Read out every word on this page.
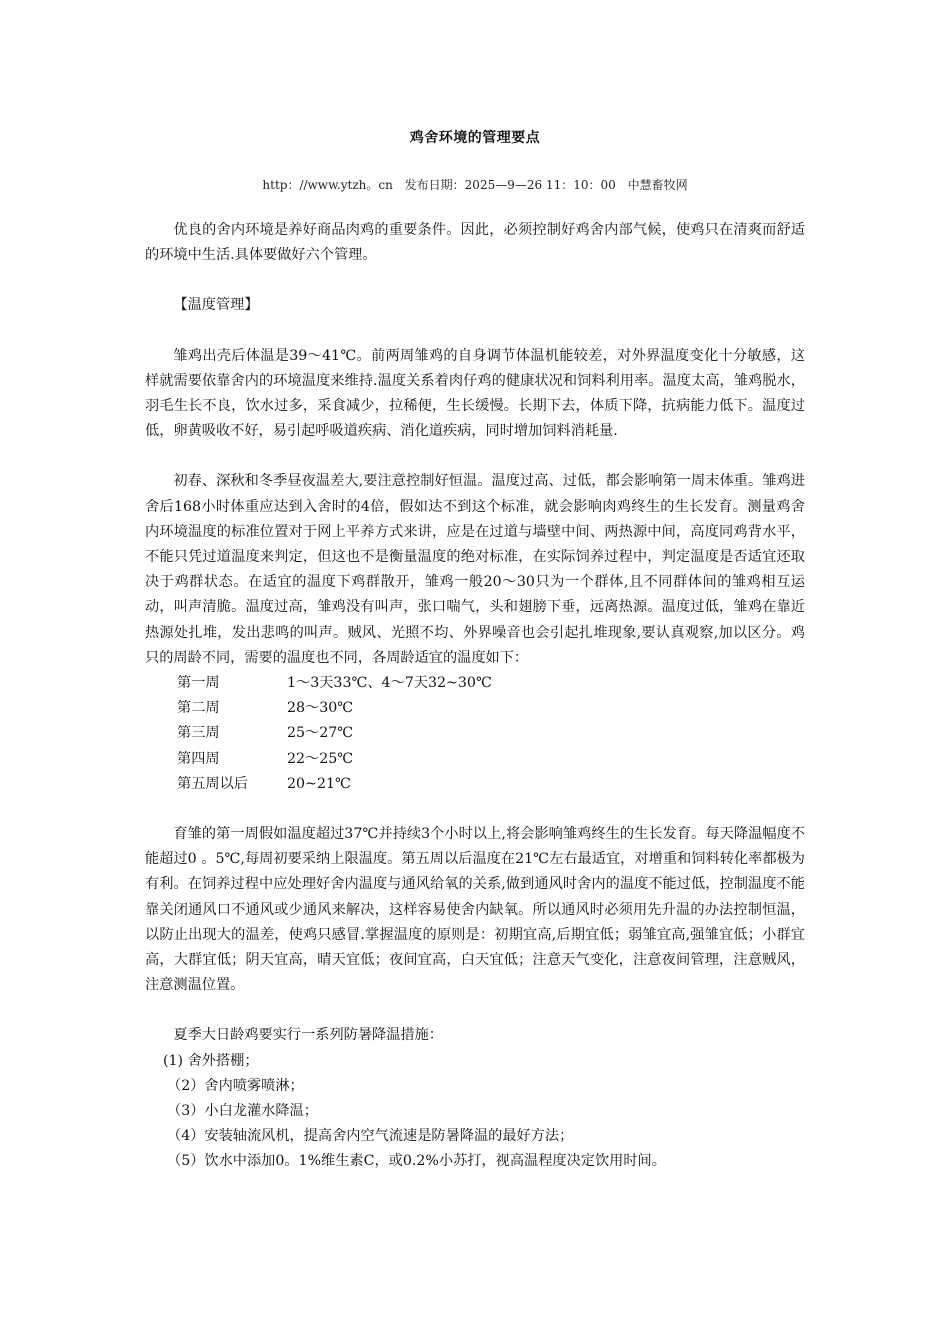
鸡舍环境的管理要点
http：//www.ytzh。cn 发布日期：2025—9—26 11：10：00 中慧畜牧网

优良的舍内环境是养好商品肉鸡的重要条件。因此，必须控制好鸡舍内部气候，使鸡只在清爽而舒适的环境中生活.具体要做好六个管理。

【温度管理】

雏鸡出壳后体温是39～41℃。前两周雏鸡的自身调节体温机能较差，对外界温度变化十分敏感，这样就需要依靠舍内的环境温度来维持.温度关系着肉仔鸡的健康状况和饲料利用率。温度太高，雏鸡脱水，羽毛生长不良，饮水过多，采食减少，拉稀便，生长缓慢。长期下去，体质下降，抗病能力低下。温度过低，卵黄吸收不好，易引起呼吸道疾病、消化道疾病，同时增加饲料消耗量.

初春、深秋和冬季昼夜温差大,要注意控制好恒温。温度过高、过低，都会影响第一周末体重。雏鸡进舍后168小时体重应达到入舍时的4倍，假如达不到这个标准，就会影响肉鸡终生的生长发育。测量鸡舍内环境温度的标准位置对于网上平养方式来讲，应是在过道与墙壁中间、两热源中间，高度同鸡背水平，不能只凭过道温度来判定，但这也不是衡量温度的绝对标准，在实际饲养过程中，判定温度是否适宜还取决于鸡群状态。在适宜的温度下鸡群散开，雏鸡一般20～30只为一个群体,且不同群体间的雏鸡相互运动，叫声清脆。温度过高，雏鸡没有叫声，张口喘气，头和翅膀下垂，远离热源。温度过低，雏鸡在靠近热源处扎堆，发出悲鸣的叫声。贼风、光照不均、外界噪音也会引起扎堆现象,要认真观察,加以区分。鸡只的周龄不同，需要的温度也不同，各周龄适宜的温度如下：

第一周	1～3天33℃、4～7天32~30℃
第二周	28～30℃
第三周	25～27℃
第四周	22～25℃
第五周以后	20~21℃

育雏的第一周假如温度超过37℃并持续3个小时以上,将会影响雏鸡终生的生长发育。每天降温幅度不能超过0 。5℃,每周初要采纳上限温度。第五周以后温度在21℃左右最适宜，对增重和饲料转化率都极为有利。在饲养过程中应处理好舍内温度与通风给氧的关系,做到通风时舍内的温度不能过低，控制温度不能靠关闭通风口不通风或少通风来解决，这样容易使舍内缺氧。所以通风时必须用先升温的办法控制恒温，以防止出现大的温差，使鸡只感冒.掌握温度的原则是：初期宜高,后期宜低；弱雏宜高,强雏宜低；小群宜高，大群宜低；阴天宜高，晴天宜低；夜间宜高，白天宜低；注意天气变化，注意夜间管理，注意贼风，注意测温位置。

夏季大日龄鸡要实行一系列防暑降温措施：

(1) 舍外搭棚；
（2）舍内喷雾喷淋；
（3）小白龙灌水降温；
（4）安装轴流风机，提高舍内空气流速是防暑降温的最好方法；
（5）饮水中添加0。1%维生素C，或0.2%小苏打，视高温程度决定饮用时间。
